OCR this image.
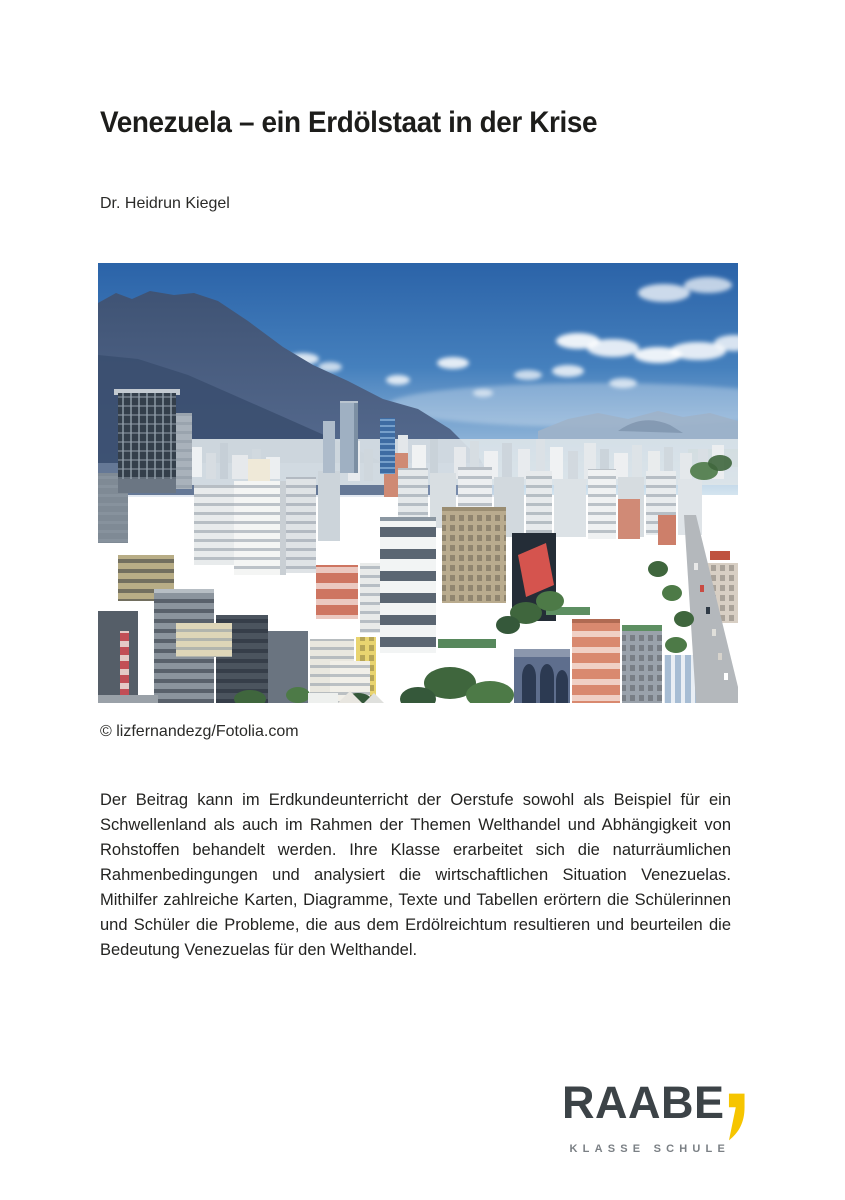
Venezuela – ein Erdölstaat in der Krise
Dr. Heidrun Kiegel
© lizfernandezg/Fotolia.com

Der Beitrag kann im Erdkundeunterricht der Oerstufe sowohl als Beispiel für ein Schwellenland als auch im Rahmen der Themen Welthandel und Abhängigkeit von Rohstoffen behandelt werden. Ihre Klasse erarbeitet sich die naturräumlichen Rahmenbedingungen und analysiert die wirtschaftlichen Situation Venezuelas. Mithilfer zahlreiche Karten, Diagramme, Texte und Tabellen erörtern die Schülerinnen und Schüler die Probleme, die aus dem Erdölreichtum resultieren und beurteilen die Bedeutung Venezuelas für den Welthandel.

RAABE
KLASSE SCHULE
